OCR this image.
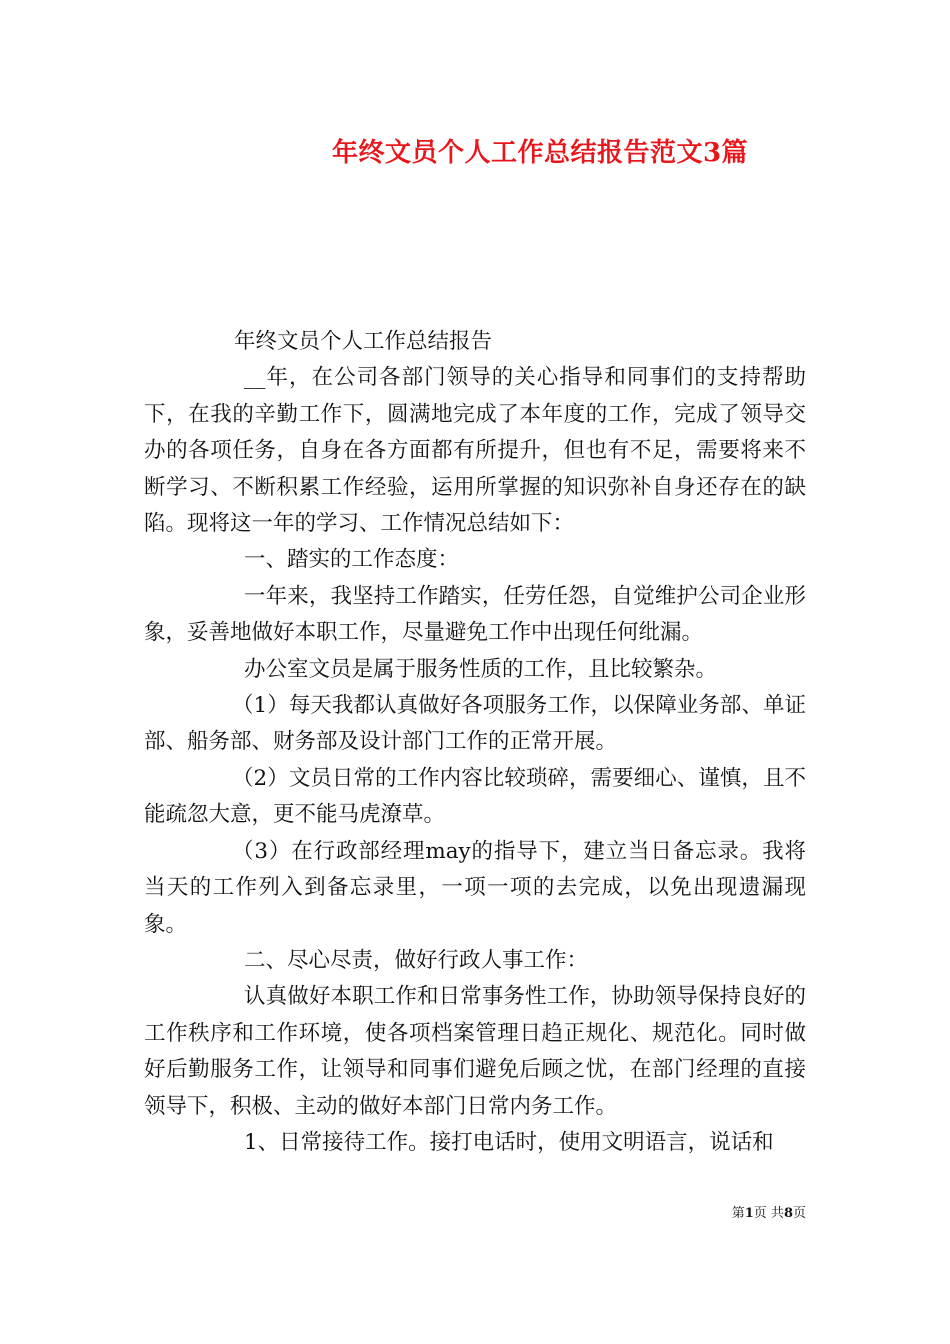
年终文员个人工作总结报告范文3篇

年终文员个人工作总结报告

__年，在公司各部门领导的关心指导和同事们的支持帮助下，在我的辛勤工作下，圆满地完成了本年度的工作，完成了领导交办的各项任务，自身在各方面都有所提升，但也有不足，需要将来不断学习、不断积累工作经验，运用所掌握的知识弥补自身还存在的缺陷。现将这一年的学习、工作情况总结如下：

一、踏实的工作态度：

一年来，我坚持工作踏实，任劳任怨，自觉维护公司企业形象，妥善地做好本职工作，尽量避免工作中出现任何纰漏。

办公室文员是属于服务性质的工作，且比较繁杂。

（1）每天我都认真做好各项服务工作，以保障业务部、单证部、船务部、财务部及设计部门工作的正常开展。

（2）文员日常的工作内容比较琐碎，需要细心、谨慎，且不能疏忽大意，更不能马虎潦草。

（3）在行政部经理may的指导下，建立当日备忘录。我将当天的工作列入到备忘录里，一项一项的去完成，以免出现遗漏现象。

二、尽心尽责，做好行政人事工作：

认真做好本职工作和日常事务性工作，协助领导保持良好的工作秩序和工作环境，使各项档案管理日趋正规化、规范化。同时做好后勤服务工作，让领导和同事们避免后顾之忧，在部门经理的直接领导下，积极、主动的做好本部门日常内务工作。

1、日常接待工作。接打电话时，使用文明语言，说话和

第1页 共8页
